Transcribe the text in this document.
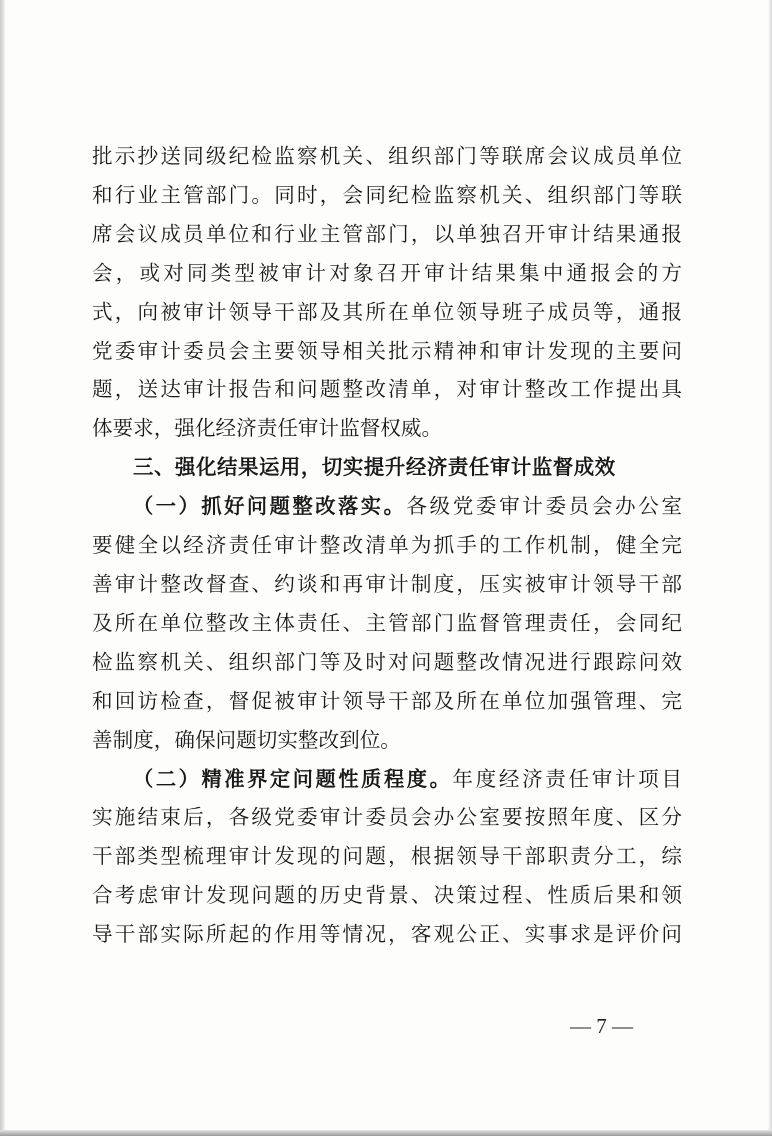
批示抄送同级纪检监察机关、组织部门等联席会议成员单位
和行业主管部门。同时，会同纪检监察机关、组织部门等联
席会议成员单位和行业主管部门，以单独召开审计结果通报
会，或对同类型被审计对象召开审计结果集中通报会的方
式，向被审计领导干部及其所在单位领导班子成员等，通报
党委审计委员会主要领导相关批示精神和审计发现的主要问
题，送达审计报告和问题整改清单，对审计整改工作提出具
体要求，强化经济责任审计监督权威。
三、强化结果运用，切实提升经济责任审计监督成效
（一）抓好问题整改落实。各级党委审计委员会办公室
要健全以经济责任审计整改清单为抓手的工作机制，健全完
善审计整改督查、约谈和再审计制度，压实被审计领导干部
及所在单位整改主体责任、主管部门监督管理责任，会同纪
检监察机关、组织部门等及时对问题整改情况进行跟踪问效
和回访检查，督促被审计领导干部及所在单位加强管理、完
善制度，确保问题切实整改到位。
（二）精准界定问题性质程度。年度经济责任审计项目
实施结束后，各级党委审计委员会办公室要按照年度、区分
干部类型梳理审计发现的问题，根据领导干部职责分工，综
合考虑审计发现问题的历史背景、决策过程、性质后果和领
导干部实际所起的作用等情况，客观公正、实事求是评价问
— 7 —
